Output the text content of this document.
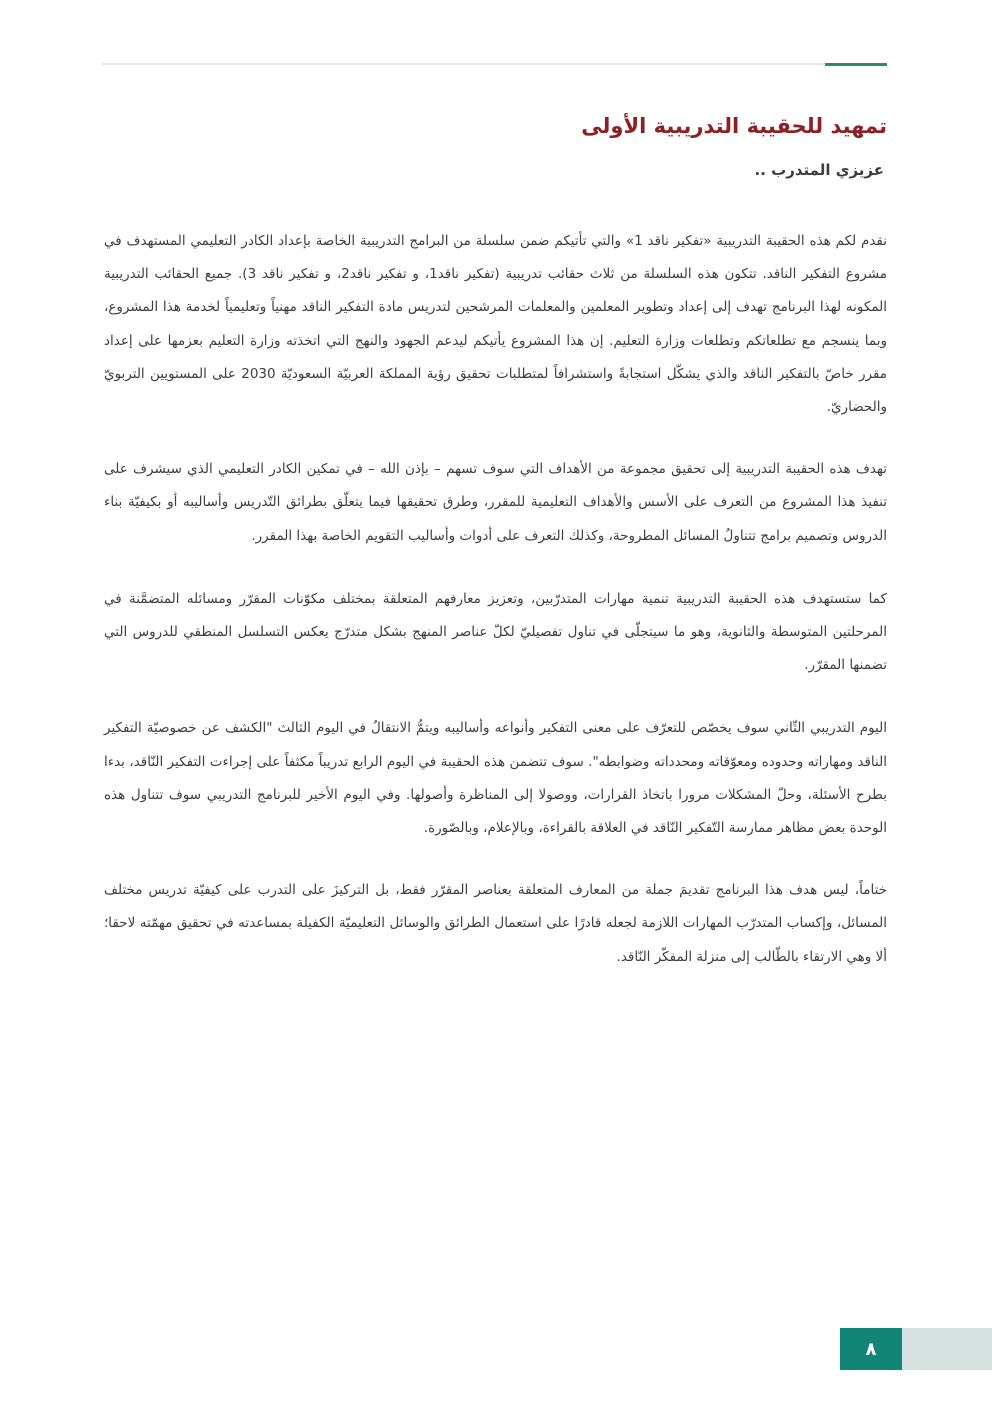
تمهيد للحقيبة التدريبية الأولى
عزيزي المتدرب ..

نقدم لكم هذه الحقيبة التدريبية «تفكير ناقد 1» والتي تأتيكم ضمن سلسلة من البرامج التدريبية الخاصة بإعداد الكادر التعليمي المستهدف في مشروع التفكير الناقد. تتكون هذه السلسلة من ثلاث حقائب تدريبية (تفكير ناقد1، و تفكير ناقد2، و تفكير ناقد 3). جميع الحقائب التدريبية المكونه لهذا البرنامج تهدف إلى إعداد وتطوير المعلمين والمعلمات المرشحين لتدريس مادة التفكير الناقد مهنياً وتعليمياً لخدمة هذا المشروع، وبما ينسجم مع تطلعاتكم وتطلعات وزارة التعليم. إن هذا المشروع يأتيكم ليدعم الجهود والنهج التي اتخذته وزارة التعليم بعزمها على إعداد مقرر خاصّ بالتفكير الناقد والذي يشكّل استجابةً واستشرافاً لمتطلبات تحقيق رؤية المملكة العربيّة السعوديّة 2030 على المستويين التربويّ والحضاريّ.

تهدف هذه الحقيبة التدريبية إلى تحقيق مجموعة من الأهداف التي سوف تسهم – بإذن الله – في تمكين الكادر التعليمي الذي سيشرف على تنفيذ هذا المشروع من التعرف على الأسس والأهداف التعليمية للمقرر، وطرق تحقيقها فيما يتعلّق بطرائق التّدريس وأساليبه أو بكيفيّة بناء الدروس وتصميم برامج تتناولُ المسائل المطروحة، وكذلك التعرف على أدوات وأساليب التقويم الخاصة بهذا المقرر.

كما ستستهدف هذه الحقيبة التدريبية تنمية مهارات المتدرّبين، وتعزيز معارفهم المتعلقة بمختلف مكوّنات المقرّر ومسائله المتضمَّنة في المرحلتين المتوسطة والثانوية، وهو ما سيتجلّى في تناول تفصيليّ لكلّ عناصر المنهج بشكل متدرّج يعكس التسلسل المنطقي للدروس التي تضمنها المقرّر.

اليوم التدريبي الثّاني سوف يخصّص للتعرّف على معنى التفكير وأنواعه وأساليبه ويتمُّ الانتقالُ في اليوم الثالث "الكشف عن خصوصيّة التفكير الناقد ومهاراته وحدوده ومعوّقاته ومحدداته وضوابطه". سوف تتضمن هذه الحقيبة في اليوم الرابع تدريباً مكثفاً على إجراءت التفكير النّاقد، بدءا بطرح الأسئلة، وحلّ المشكلات مرورا باتخاذ القرارات، ووصولا إلى المناظرة وأصولها. وفي اليوم الأخير للبرنامج التدريبي سوف تتناول هذه الوحدة بعض مظاهر ممارسة التّفكير النّاقد في العلاقة بالقراءة، وبالإعلام، وبالصّورة.

ختاماً، ليس هدف هذا البرنامج تقديمَ جملة من المعارف المتعلقة بعناصر المقرّر فقط، بل التركيزَ على التدرب على كيفيّة تدريس مختلف المسائل، وإكساب المتدرّب المهارات اللازمة لجعله قادرًا على استعمال الطرائق والوسائل التعليميّة الكفيلة بمساعدته في تحقيق مهمّته لاحقا؛ ألا وهي الارتقاء بالطّالب إلى منزلة المفكّر النّاقد.

٨
